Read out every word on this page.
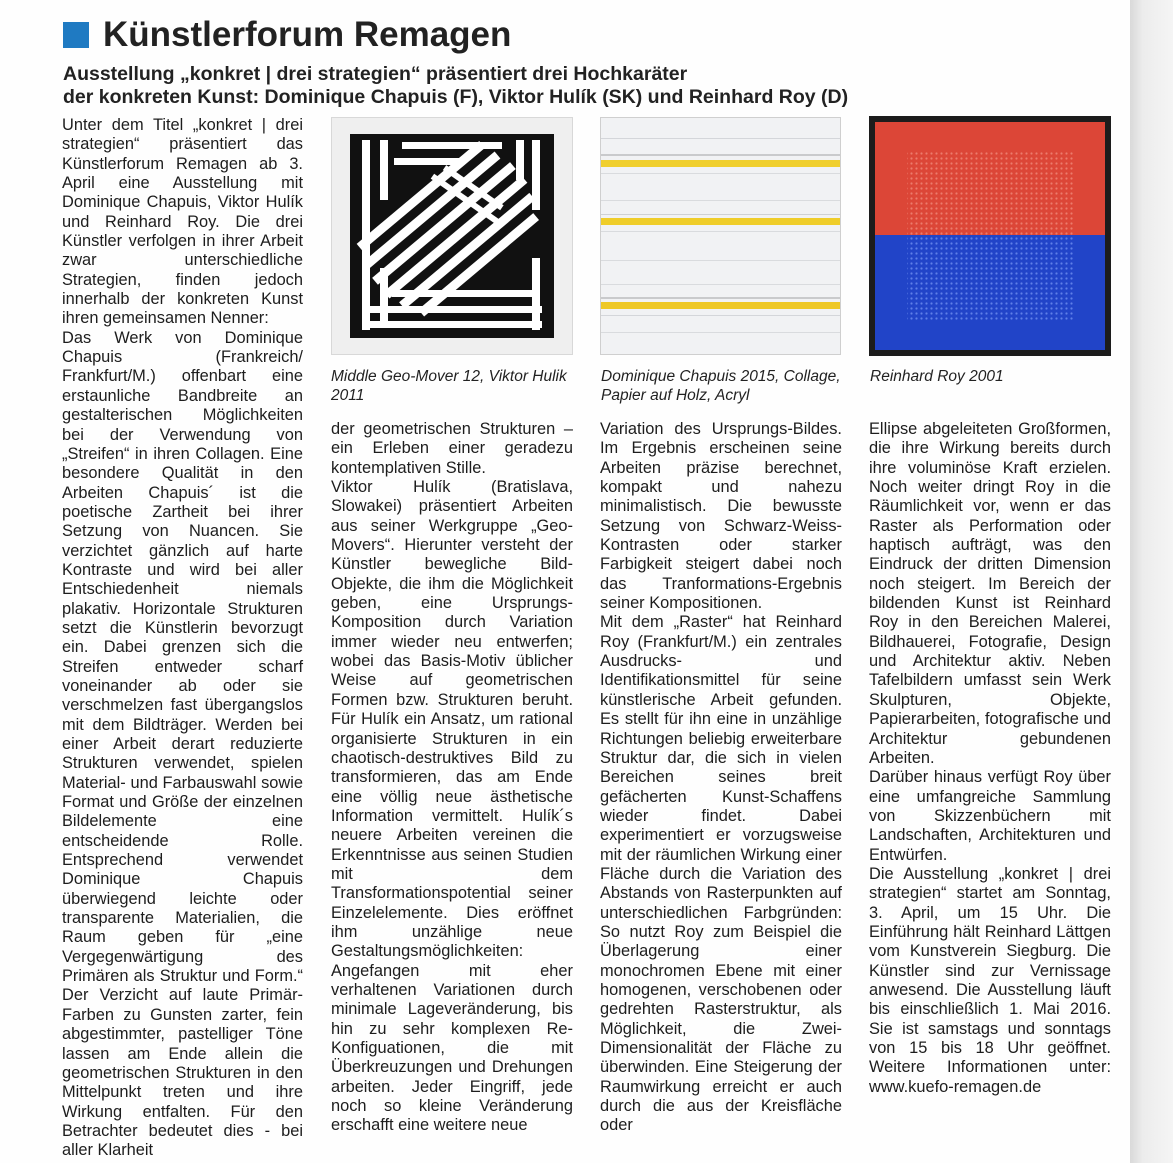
Künstlerforum Remagen
Ausstellung „konkret | drei strategien“ präsentiert drei Hochkaräter
der konkreten Kunst: Dominique Chapuis (F), Viktor Hulík (SK) und Reinhard Roy (D)
Middle Geo-Mover 12, Viktor Hulik 2011
Dominique Chapuis 2015, Collage, Papier auf Holz, Acryl
Reinhard Roy 2001

Unter dem Titel „konkret | drei strategien“ präsentiert das Künstlerforum Remagen ab 3. April eine Ausstellung mit Dominique Chapuis, Viktor Hulík und Reinhard Roy. Die drei Künstler verfolgen in ihrer Arbeit zwar unterschiedliche Strategien, finden jedoch innerhalb der konkreten Kunst ihren gemeinsamen Nenner:

Das Werk von Dominique Chapuis (Frankreich/ Frankfurt/M.) offenbart eine erstaunliche Bandbreite an gestalterischen Möglichkeiten bei der Verwendung von „Streifen“ in ihren Collagen. Eine besondere Qualität in den Arbeiten Chapuis´ ist die poetische Zartheit bei ihrer Setzung von Nuancen. Sie verzichtet gänzlich auf harte Kontraste und wird bei aller Entschiedenheit niemals plakativ. Horizontale Strukturen setzt die Künstlerin bevorzugt ein. Dabei grenzen sich die Streifen entweder scharf voneinander ab oder sie verschmelzen fast übergangslos mit dem Bildträger. Werden bei einer Arbeit derart reduzierte Strukturen verwendet, spielen Material- und Farbauswahl sowie Format und Größe der einzelnen Bildelemente eine entscheidende Rolle. Entsprechend verwendet Dominique Chapuis überwiegend leichte oder transparente Materialien, die Raum geben für „eine Vergegenwärtigung des Primären als Struktur und Form.“ Der Verzicht auf laute Primär-Farben zu Gunsten zarter, fein abgestimmter, pastelliger Töne lassen am Ende allein die geometrischen Strukturen in den Mittelpunkt treten und ihre Wirkung entfalten. Für den Betrachter bedeutet dies - bei aller Klarheit

der geometrischen Strukturen – ein Erleben einer geradezu kontemplativen Stille.

Viktor Hulík (Bratislava, Slowakei) präsentiert Arbeiten aus seiner Werkgruppe „Geo-Movers“. Hierunter versteht der Künstler bewegliche Bild-Objekte, die ihm die Möglichkeit geben, eine Ursprungs-Komposition durch Variation immer wieder neu entwerfen; wobei das Basis-Motiv üblicher Weise auf geometrischen Formen bzw. Strukturen beruht. Für Hulík ein Ansatz, um rational organisierte Strukturen in ein chaotisch-destruktives Bild zu transformieren, das am Ende eine völlig neue ästhetische Information vermittelt. Hulík´s neuere Arbeiten vereinen die Erkenntnisse aus seinen Studien mit dem Transformationspotential seiner Einzelelemente. Dies eröffnet ihm unzählige neue Gestaltungsmöglichkeiten: Angefangen mit eher verhaltenen Variationen durch minimale Lageveränderung, bis hin zu sehr komplexen Re-Konfiguationen, die mit Überkreuzungen und Drehungen arbeiten. Jeder Eingriff, jede noch so kleine Veränderung erschafft eine weitere neue

Variation des Ursprungs-Bildes. Im Ergebnis erscheinen seine Arbeiten präzise berechnet, kompakt und nahezu minimalistisch. Die bewusste Setzung von Schwarz-Weiss-Kontrasten oder starker Farbigkeit steigert dabei noch das Tranformations-Ergebnis seiner Kompositionen.

Mit dem „Raster“ hat Reinhard Roy (Frankfurt/M.) ein zentrales Ausdrucks- und Identifikationsmittel für seine künstlerische Arbeit gefunden. Es stellt für ihn eine in unzählige Richtungen beliebig erweiterbare Struktur dar, die sich in vielen Bereichen seines breit gefächerten Kunst-Schaffens wieder findet. Dabei experimentiert er vorzugsweise mit der räumlichen Wirkung einer Fläche durch die Variation des Abstands von Rasterpunkten auf unterschiedlichen Farbgründen: So nutzt Roy zum Beispiel die Überlagerung einer monochromen Ebene mit einer homogenen, verschobenen oder gedrehten Rasterstruktur, als Möglichkeit, die Zwei-Dimensionalität der Fläche zu überwinden. Eine Steigerung der Raumwirkung erreicht er auch durch die aus der Kreisfläche oder

Ellipse abgeleiteten Großformen, die ihre Wirkung bereits durch ihre voluminöse Kraft erzielen. Noch weiter dringt Roy in die Räumlichkeit vor, wenn er das Raster als Performation oder haptisch aufträgt, was den Eindruck der dritten Dimension noch steigert. Im Bereich der bildenden Kunst ist Reinhard Roy in den Bereichen Malerei, Bildhauerei, Fotografie, Design und Architektur aktiv. Neben Tafelbildern umfasst sein Werk Skulpturen, Objekte, Papierarbeiten, fotografische und Architektur gebundenen Arbeiten.

Darüber hinaus verfügt Roy über eine umfangreiche Sammlung von Skizzenbüchern mit Landschaften, Architekturen und Entwürfen.

Die Ausstellung „konkret | drei strategien“ startet am Sonntag, 3. April, um 15 Uhr. Die Einführung hält Reinhard Lättgen vom Kunstverein Siegburg. Die Künstler sind zur Vernissage anwesend. Die Ausstellung läuft bis einschließlich 1. Mai 2016. Sie ist samstags und sonntags von 15 bis 18 Uhr geöffnet. Weitere Informationen unter: www.kuefo-remagen.de
